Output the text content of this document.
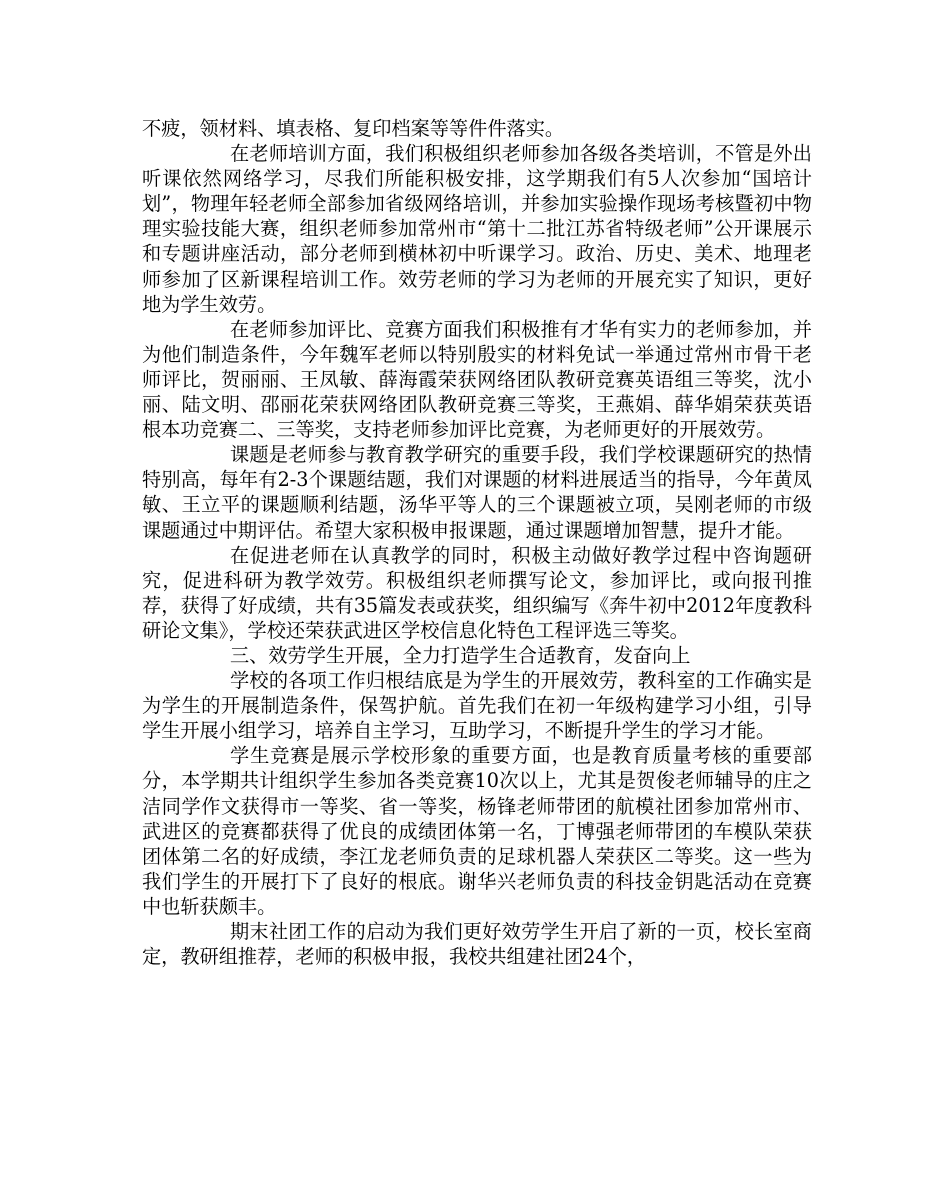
不疲，领材料、填表格、复印档案等等件件落实。

在老师培训方面，我们积极组织老师参加各级各类培训，不管是外出听课依然网络学习，尽我们所能积极安排，这学期我们有5人次参加“国培计划”，物理年轻老师全部参加省级网络培训，并参加实验操作现场考核暨初中物理实验技能大赛，组织老师参加常州市“第十二批江苏省特级老师”公开课展示和专题讲座活动，部分老师到横林初中听课学习。政治、历史、美术、地理老师参加了区新课程培训工作。效劳老师的学习为老师的开展充实了知识，更好地为学生效劳。

在老师参加评比、竞赛方面我们积极推有才华有实力的老师参加，并为他们制造条件，今年魏军老师以特别殷实的材料免试一举通过常州市骨干老师评比，贺丽丽、王凤敏、薛海霞荣获网络团队教研竞赛英语组三等奖，沈小丽、陆文明、邵丽花荣获网络团队教研竞赛三等奖，王燕娟、薛华娟荣获英语根本功竞赛二、三等奖，支持老师参加评比竞赛，为老师更好的开展效劳。

课题是老师参与教育教学研究的重要手段，我们学校课题研究的热情特别高，每年有2-3个课题结题，我们对课题的材料进展适当的指导，今年黄凤敏、王立平的课题顺利结题，汤华平等人的三个课题被立项，吴刚老师的市级课题通过中期评估。希望大家积极申报课题，通过课题增加智慧，提升才能。

在促进老师在认真教学的同时，积极主动做好教学过程中咨询题研究，促进科研为教学效劳。积极组织老师撰写论文，参加评比，或向报刊推荐，获得了好成绩，共有35篇发表或获奖，组织编写《奔牛初中2012年度教科研论文集》，学校还荣获武进区学校信息化特色工程评选三等奖。

三、效劳学生开展，全力打造学生合适教育，发奋向上

学校的各项工作归根结底是为学生的开展效劳，教科室的工作确实是为学生的开展制造条件，保驾护航。首先我们在初一年级构建学习小组，引导学生开展小组学习，培养自主学习，互助学习，不断提升学生的学习才能。

学生竞赛是展示学校形象的重要方面，也是教育质量考核的重要部分，本学期共计组织学生参加各类竞赛10次以上，尤其是贺俊老师辅导的庄之洁同学作文获得市一等奖、省一等奖，杨锋老师带团的航模社团参加常州市、武进区的竞赛都获得了优良的成绩团体第一名，丁博强老师带团的车模队荣获团体第二名的好成绩，李江龙老师负责的足球机器人荣获区二等奖。这一些为我们学生的开展打下了良好的根底。谢华兴老师负责的科技金钥匙活动在竞赛中也斩获颇丰。

期末社团工作的启动为我们更好效劳学生开启了新的一页，校长室商定，教研组推荐，老师的积极申报，我校共组建社团24个，
